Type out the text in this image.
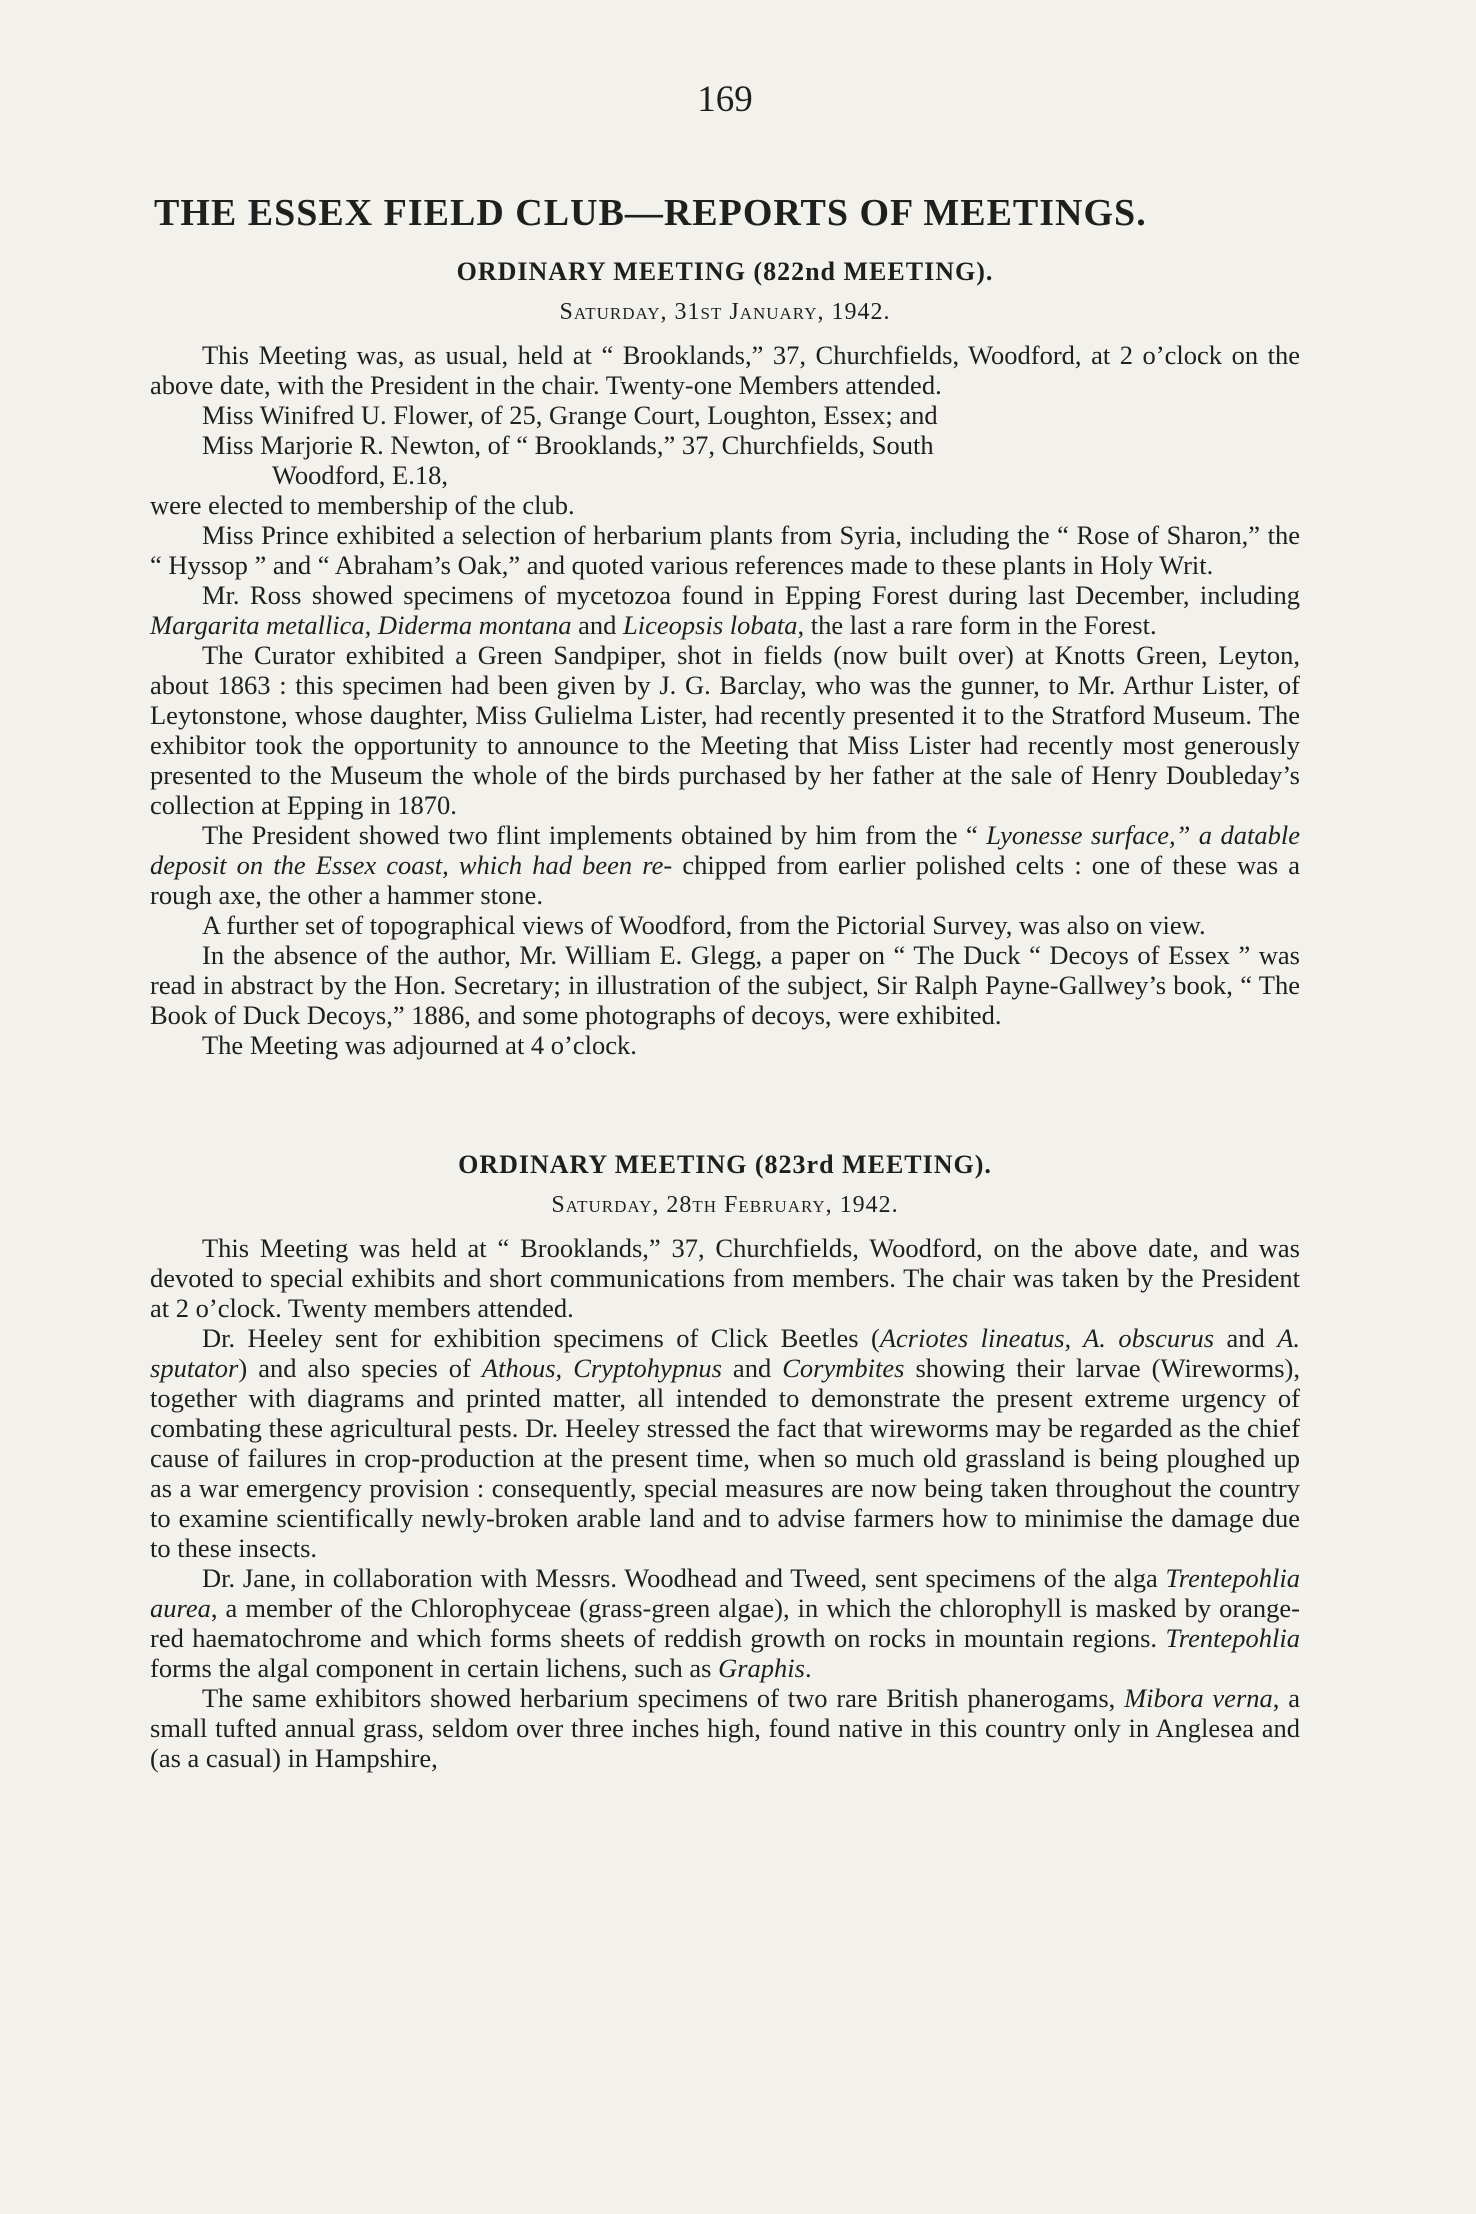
169
THE ESSEX FIELD CLUB—REPORTS OF MEETINGS.
ORDINARY MEETING (822nd MEETING).
Saturday, 31st January, 1942.

This Meeting was, as usual, held at “ Brooklands,” 37, Churchfields, Woodford, at 2 o’clock on the above date, with the President in the chair. Twenty-one Members attended.

Miss Winifred U. Flower, of 25, Grange Court, Loughton, Essex; and
Miss Marjorie R. Newton, of “ Brooklands,” 37, Churchfields, South
Woodford, E.18,

were elected to membership of the club.

Miss Prince exhibited a selection of herbarium plants from Syria, including the “ Rose of Sharon,” the “ Hyssop ” and “ Abraham’s Oak,” and quoted various references made to these plants in Holy Writ.

Mr. Ross showed specimens of mycetozoa found in Epping Forest during last December, including Margarita metallica, Diderma montana and Liceopsis lobata, the last a rare form in the Forest.

The Curator exhibited a Green Sandpiper, shot in fields (now built over) at Knotts Green, Leyton, about 1863 : this specimen had been given by J. G. Barclay, who was the gunner, to Mr. Arthur Lister, of Leytonstone, whose daughter, Miss Gulielma Lister, had recently presented it to the Stratford Museum. The exhibitor took the opportunity to announce to the Meeting that Miss Lister had recently most generously presented to the Museum the whole of the birds purchased by her father at the sale of Henry Doubleday’s collection at Epping in 1870.

The President showed two flint implements obtained by him from the “ Lyonesse surface,” a datable deposit on the Essex coast, which had been re- chipped from earlier polished celts : one of these was a rough axe, the other a hammer stone.

A further set of topographical views of Woodford, from the Pictorial Survey, was also on view.

In the absence of the author, Mr. William E. Glegg, a paper on “ The Duck “ Decoys of Essex ” was read in abstract by the Hon. Secretary; in illustration of the subject, Sir Ralph Payne-Gallwey’s book, “ The Book of Duck Decoys,” 1886, and some photographs of decoys, were exhibited.

The Meeting was adjourned at 4 o’clock.

ORDINARY MEETING (823rd MEETING).
Saturday, 28th February, 1942.

This Meeting was held at “ Brooklands,” 37, Churchfields, Woodford, on the above date, and was devoted to special exhibits and short communications from members. The chair was taken by the President at 2 o’clock. Twenty members attended.

Dr. Heeley sent for exhibition specimens of Click Beetles (Acriotes lineatus, A. obscurus and A. sputator) and also species of Athous, Cryptohypnus and Corymbites showing their larvae (Wireworms), together with diagrams and printed matter, all intended to demonstrate the present extreme urgency of combating these agricultural pests. Dr. Heeley stressed the fact that wireworms may be regarded as the chief cause of failures in crop-production at the present time, when so much old grassland is being ploughed up as a war emergency provision : consequently, special measures are now being taken throughout the country to examine scientifically newly-broken arable land and to advise farmers how to minimise the damage due to these insects.

Dr. Jane, in collaboration with Messrs. Woodhead and Tweed, sent specimens of the alga Trentepohlia aurea, a member of the Chlorophyceae (grass-green algae), in which the chlorophyll is masked by orange-red haematochrome and which forms sheets of reddish growth on rocks in mountain regions. Trentepohlia forms the algal component in certain lichens, such as Graphis.

The same exhibitors showed herbarium specimens of two rare British phanerogams, Mibora verna, a small tufted annual grass, seldom over three inches high, found native in this country only in Anglesea and (as a casual) in Hampshire,
